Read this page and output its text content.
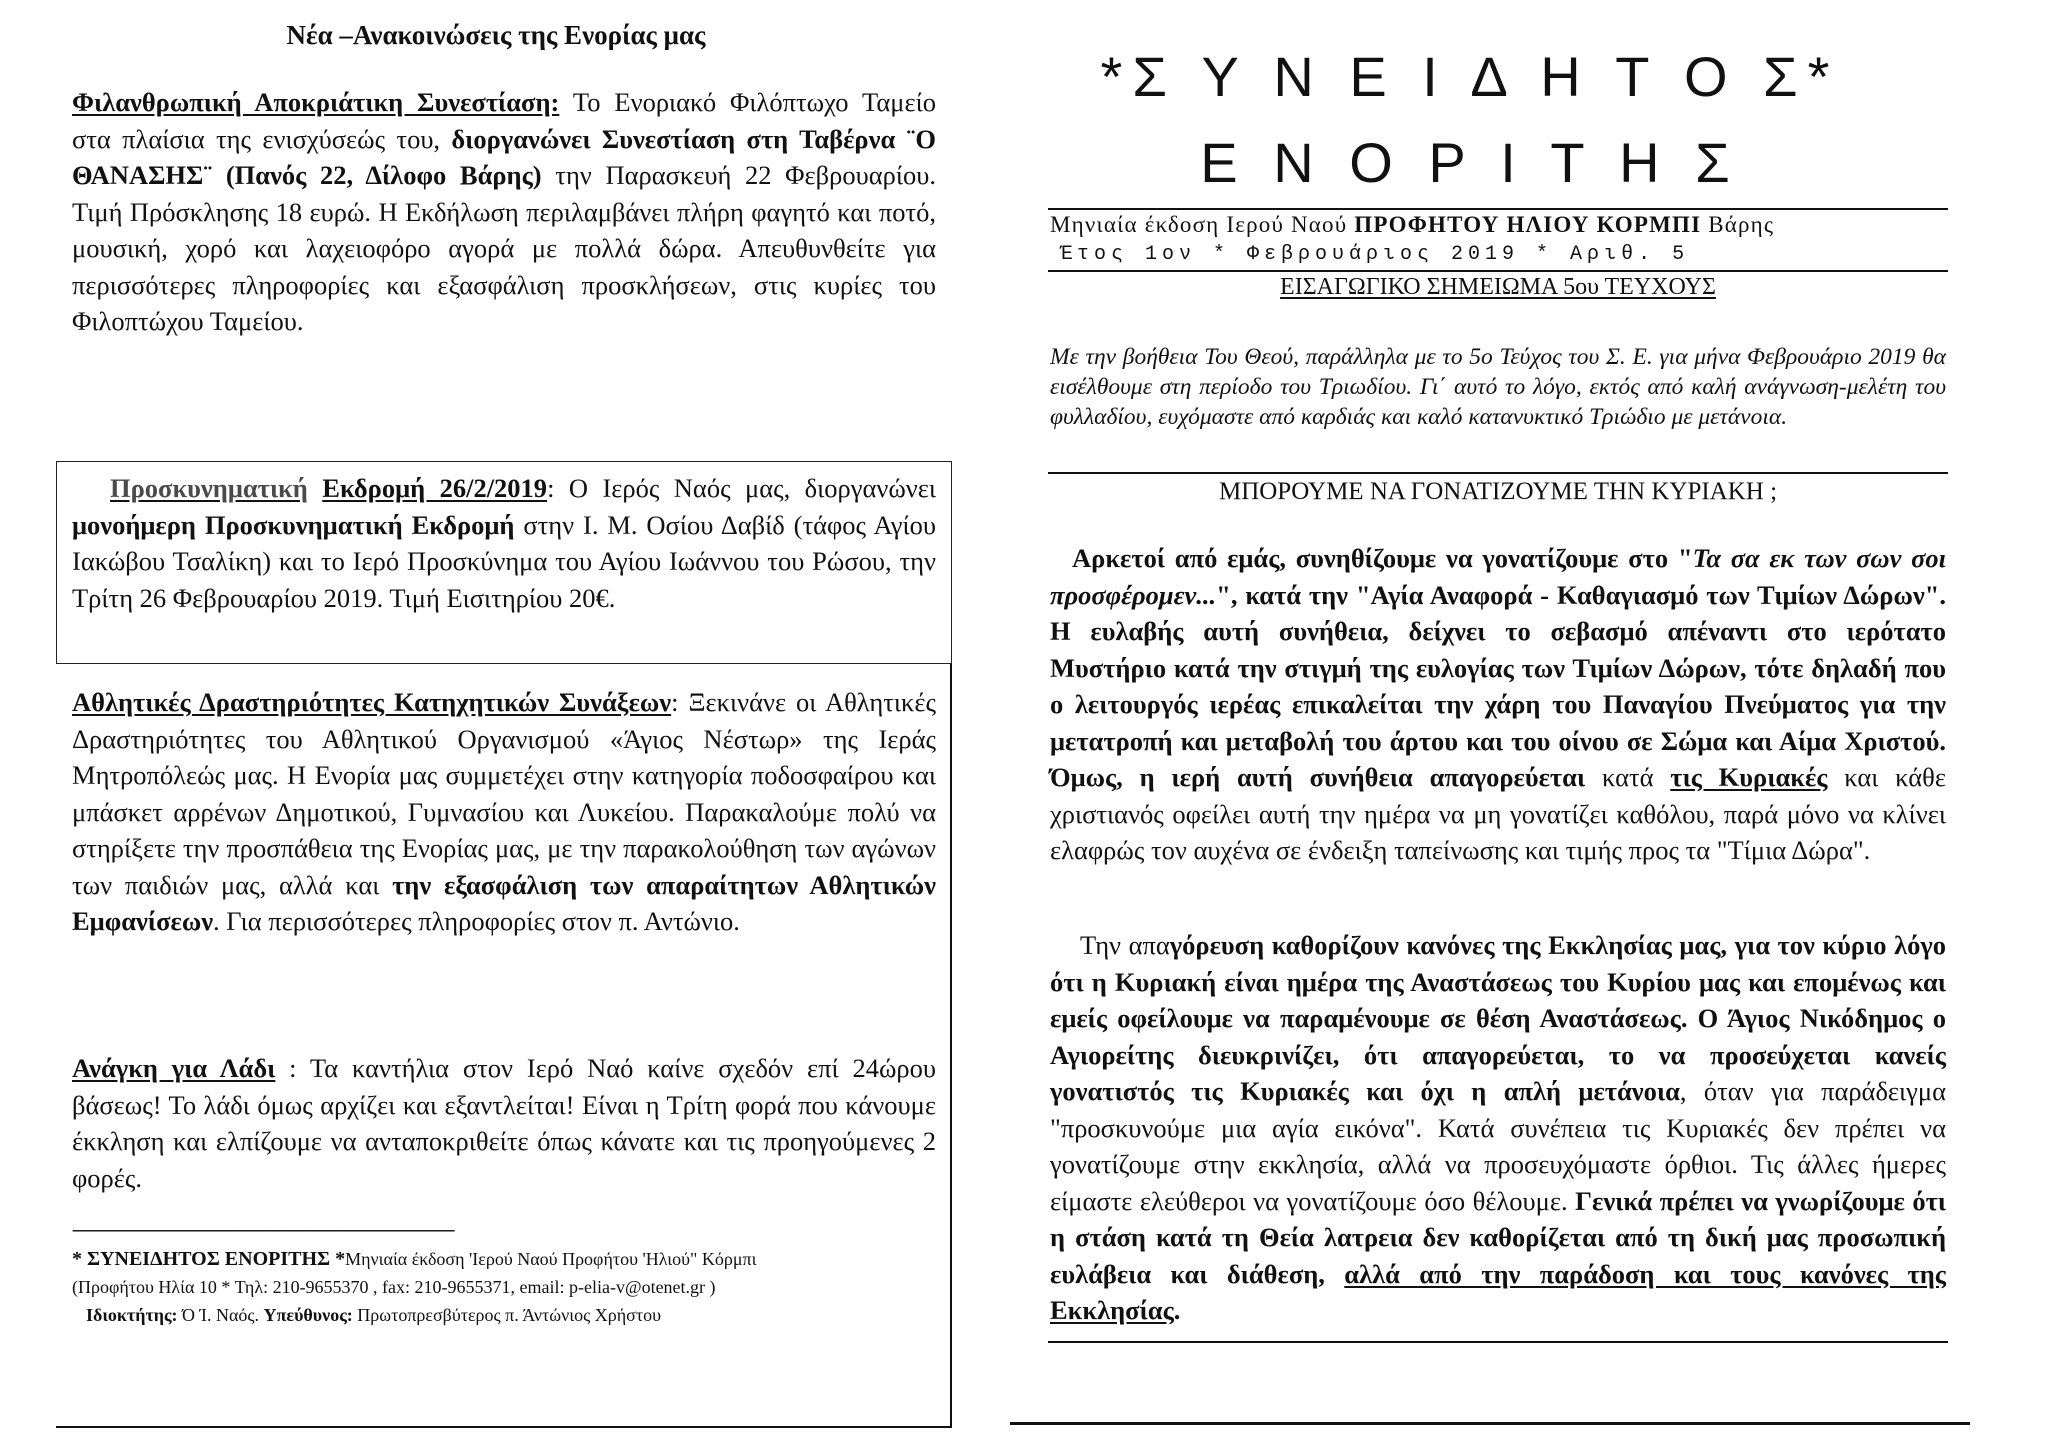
Νέα –Ανακοινώσεις της Ενορίας μας
Φιλανθρωπική Αποκριάτικη Συνεστίαση: Το Ενοριακό Φιλόπτωχο Ταμείο στα πλαίσια της ενισχύσεώς του, διοργανώνει Συνεστίαση στη Ταβέρνα ¨Ο ΘΑΝΑΣΗΣ¨ (Πανός 22, Δίλοφο Βάρης) την Παρασκευή 22 Φεβρουαρίου. Τιμή Πρόσκλησης 18 ευρώ. Η Εκδήλωση περιλαμβάνει πλήρη φαγητό και ποτό, μουσική, χορό και λαχειοφόρο αγορά με πολλά δώρα. Απευθυνθείτε για περισσότερες πληροφορίες και εξασφάλιση προσκλήσεων, στις κυρίες του Φιλοπτώχου Ταμείου.
Προσκυνηματική Εκδρομή 26/2/2019: Ο Ιερός Ναός μας, διοργανώνει μονοήμερη Προσκυνηματική Εκδρομή στην Ι. Μ. Οσίου Δαβίδ (τάφος Αγίου Ιακώβου Τσαλίκη) και το Ιερό Προσκύνημα του Αγίου Ιωάννου του Ρώσου, την Τρίτη 26 Φεβρουαρίου 2019. Τιμή Εισιτηρίου 20€.
Αθλητικές Δραστηριότητες Κατηχητικών Συνάξεων: Ξεκινάνε οι Αθλητικές Δραστηριότητες του Αθλητικού Οργανισμού «Άγιος Νέστωρ» της Ιεράς Μητροπόλεώς μας. Η Ενορία μας συμμετέχει στην κατηγορία ποδοσφαίρου και μπάσκετ αρρένων Δημοτικού, Γυμνασίου και Λυκείου. Παρακαλούμε πολύ να στηρίξετε την προσπάθεια της Ενορίας μας, με την παρακολούθηση των αγώνων των παιδιών μας, αλλά και την εξασφάλιση των απαραίτητων Αθλητικών Εμφανίσεων. Για περισσότερες πληροφορίες στον π. Αντώνιο.
Ανάγκη για Λάδι : Τα καντήλια στον Ιερό Ναό καίνε σχεδόν επί 24ώρου βάσεως! Το λάδι όμως αρχίζει και εξαντλείται! Είναι η Τρίτη φορά που κάνουμε έκκληση και ελπίζουμε να ανταποκριθείτε όπως κάνατε και τις προηγούμενες 2 φορές.
----------------------------------------------------------------------------------------------
* ΣΥΝΕΙΔΗΤΟΣ ΕΝΟΡΙΤΗΣ *Μηνιαία έκδοση 'Ιερού Ναού Προφήτου 'Ηλιού" Κόρμπι
(Προφήτου Ηλία 10 * Τηλ: 210-9655370 , fax: 210-9655371, email: p-elia-v@otenet.gr )
Ιδιοκτήτης: Ό Ί. Ναός. Υπεύθυνος: Πρωτοπρεσβύτερος π. Άντώνιος Χρήστου
*Σ Υ Ν Ε Ι Δ Η Τ Ο Σ*
Ε Ν Ο Ρ Ι Τ Η Σ
Μηνιαία έκδοση Ιερού Ναού ΠΡΟΦΗΤΟΥ ΗΛΙΟΥ ΚΟΡΜΠΙ Βάρης
Έτος 1ον * Φεβρουάριος 2019 * Αριθ. 5
ΕΙΣΑΓΩΓΙΚΟ ΣΗΜΕΙΩΜΑ 5ου ΤΕΥΧΟΥΣ
Με την βοήθεια Του Θεού, παράλληλα με το 5ο Τεύχος του Σ. Ε. για μήνα Φεβρουάριο 2019 θα εισέλθουμε στη περίοδο του Τριωδίου. Γι΄ αυτό το λόγο, εκτός από καλή ανάγνωση-μελέτη του φυλλαδίου, ευχόμαστε από καρδιάς και καλό κατανυκτικό Τριώδιο με μετάνοια.
ΜΠΟΡΟΥΜΕ ΝΑ ΓΟΝΑΤΙΖΟΥΜΕ ΤΗΝ ΚΥΡΙΑΚΗ ;
Αρκετοί από εμάς, συνηθίζουμε να γονατίζουμε στο "Τα σα εκ των σων σοι προσφέρομεν...", κατά την "Αγία Αναφορά - Καθαγιασμό των Τιμίων Δώρων". Η ευλαβής αυτή συνήθεια, δείχνει το σεβασμό απέναντι στο ιερότατο Μυστήριο κατά την στιγμή της ευλογίας των Τιμίων Δώρων, τότε δηλαδή που ο λειτουργός ιερέας επικαλείται την χάρη του Παναγίου Πνεύματος για την μετατροπή και μεταβολή του άρτου και του οίνου σε Σώμα και Αίμα Χριστού. Όμως, η ιερή αυτή συνήθεια απαγορεύεται κατά τις Κυριακές και κάθε χριστιανός οφείλει αυτή την ημέρα να μη γονατίζει καθόλου, παρά μόνο να κλίνει ελαφρώς τον αυχένα σε ένδειξη ταπείνωσης και τιμής προς τα "Τίμια Δώρα".
Την απαγόρευση καθορίζουν κανόνες της Εκκλησίας μας, για τον κύριο λόγο ότι η Κυριακή είναι ημέρα της Αναστάσεως του Κυρίου μας και επομένως και εμείς οφείλουμε να παραμένουμε σε θέση Αναστάσεως. Ο Άγιος Νικόδημος ο Αγιορείτης διευκρινίζει, ότι απαγορεύεται, το να προσεύχεται κανείς γονατιστός τις Κυριακές και όχι η απλή μετάνοια, όταν για παράδειγμα "προσκυνούμε μια αγία εικόνα". Κατά συνέπεια τις Κυριακές δεν πρέπει να γονατίζουμε στην εκκλησία, αλλά να προσευχόμαστε όρθιοι. Τις άλλες ήμερες είμαστε ελεύθεροι να γονατίζουμε όσο θέλουμε. Γενικά πρέπει να γνωρίζουμε ότι η στάση κατά τη Θεία λατρεια δεν καθορίζεται από τη δική μας προσωπική ευλάβεια και διάθεση, αλλά από την παράδοση και τους κανόνες της Εκκλησίας.
